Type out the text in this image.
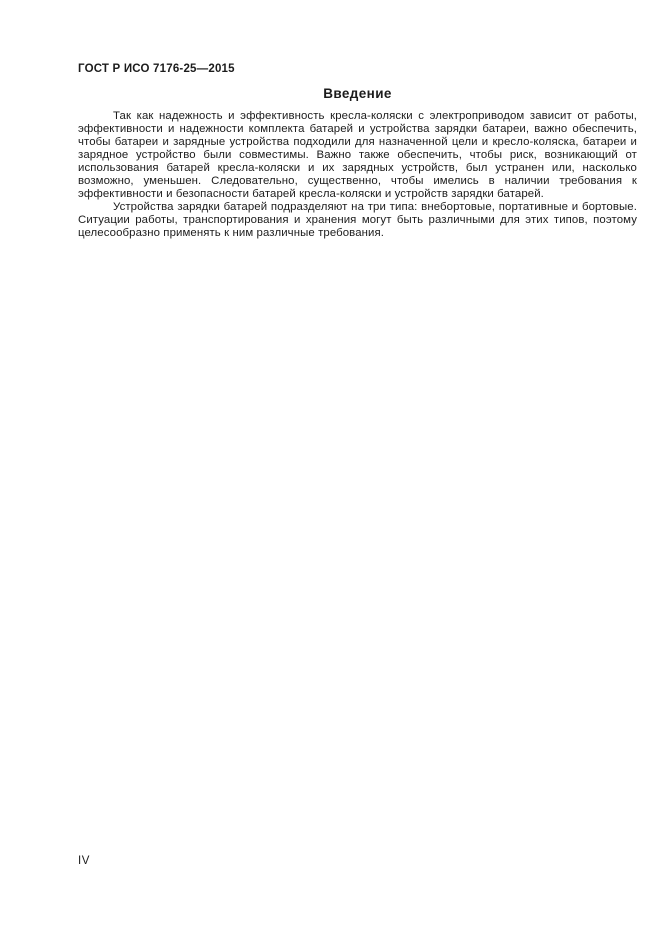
ГОСТ Р ИСО 7176-25—2015
Введение

Так как надежность и эффективность кресла-коляски с электроприводом зависит от работы, эффективности и надежности комплекта батарей и устройства зарядки батареи, важно обеспечить, чтобы батареи и зарядные устройства подходили для назначенной цели и кресло-коляска, батареи и зарядное устройство были совместимы. Важно также обеспечить, чтобы риск, возникающий от использования батарей кресла-коляски и их зарядных устройств, был устранен или, насколько возможно, уменьшен. Следовательно, существенно, чтобы имелись в наличии требования к эффективности и безопасности батарей кресла-коляски и устройств зарядки батарей.

Устройства зарядки батарей подразделяют на три типа: внебортовые, портативные и бортовые. Ситуации работы, транспортирования и хранения могут быть различными для этих типов, поэтому целесообразно применять к ним различные требования.

IV
